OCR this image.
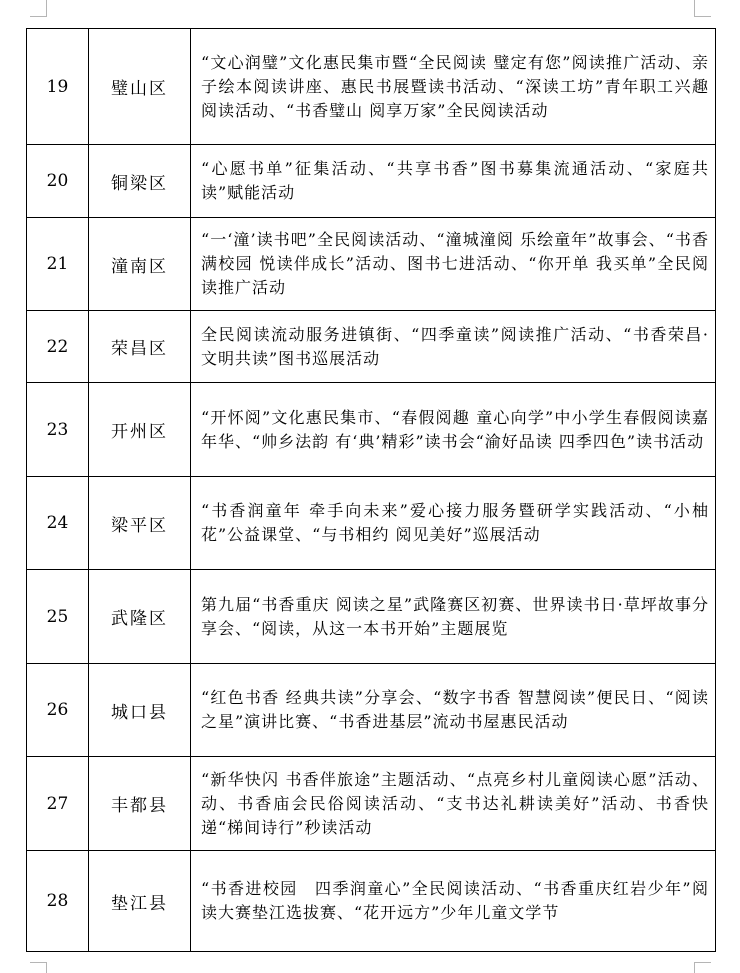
19	璧山区	“文心润璧”文化惠民集市暨“全民阅读 璧定有您”阅读推广活动、亲子绘本阅读讲座、惠民书展暨读书活动、“深读工坊”青年职工兴趣阅读活动、“书香璧山 阅享万家”全民阅读活动
20	铜梁区	“心愿书单”征集活动、“共享书香”图书募集流通活动、“家庭共读”赋能活动
21	潼南区	“一‘潼’读书吧”全民阅读活动、“潼城潼阅 乐绘童年”故事会、“书香满校园 悦读伴成长”活动、图书七进活动、“你开单 我买单”全民阅读推广活动
22	荣昌区	全民阅读流动服务进镇街、“四季童读”阅读推广活动、“书香荣昌·文明共读”图书巡展活动
23	开州区	“开怀阅”文化惠民集市、“春假阅趣 童心向学”中小学生春假阅读嘉年华、“帅乡法韵 有‘典’精彩”读书会“渝好品读 四季四色”读书活动
24	梁平区	“书香润童年 牵手向未来”爱心接力服务暨研学实践活动、“小柚花”公益课堂、“与书相约 阅见美好”巡展活动
25	武隆区	第九届“书香重庆 阅读之星”武隆赛区初赛、世界读书日·草坪故事分享会、“阅读，从这一本书开始”主题展览
26	城口县	“红色书香 经典共读”分享会、“数字书香 智慧阅读”便民日、“阅读之星”演讲比赛、“书香进基层”流动书屋惠民活动
27	丰都县	“新华快闪 书香伴旅途”主题活动、“点亮乡村儿童阅读心愿”活动、动、书香庙会民俗阅读活动、“支书达礼耕读美好”活动、书香快递“梯间诗行”秒读活动
28	垫江县	“书香进校园　四季润童心”全民阅读活动、“书香重庆红岩少年”阅读大赛垫江选拔赛、“花开远方”少年儿童文学节
